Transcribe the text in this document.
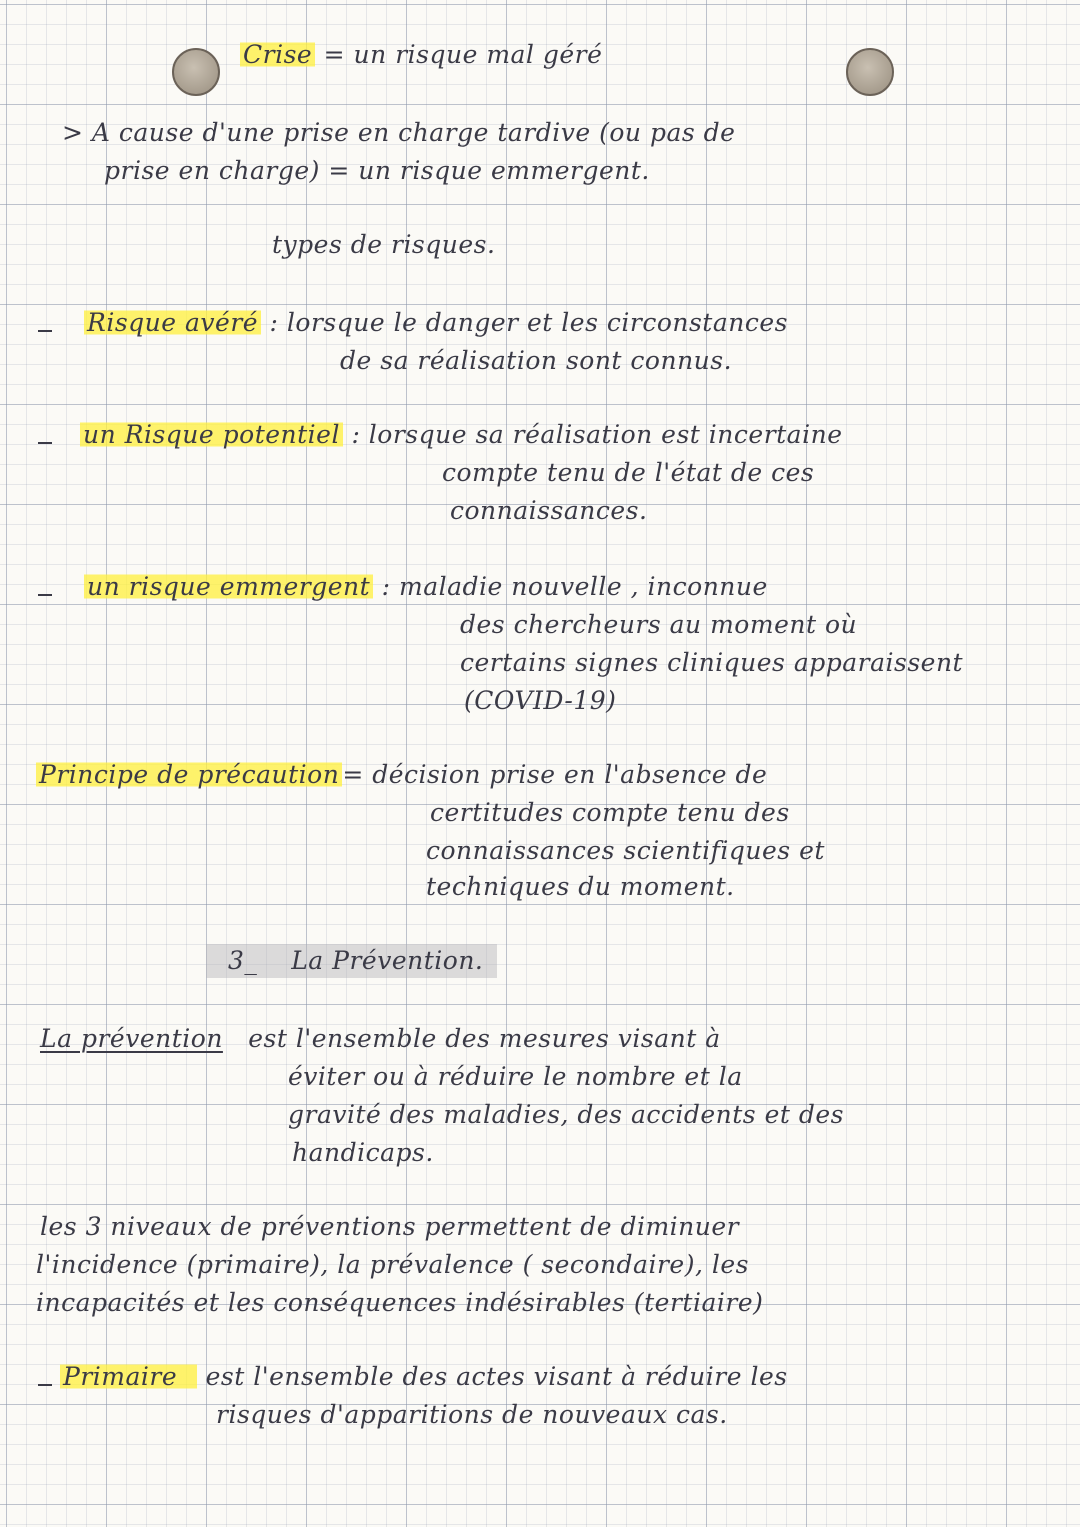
Crise = un risque mal géré
> A cause d'une prise en charge tardive (ou pas de
prise en charge) = un risque emmergent.
types de risques.
Risque avéré : lorsque le danger et les circonstances
de sa réalisation sont connus.
un Risque potentiel : lorsque sa réalisation est incertaine
compte tenu de l'état de ces
connaissances.
un risque emmergent : maladie nouvelle , inconnue
des chercheurs au moment où
certains signes cliniques apparaissent
(COVID-19)
Principe de précaution = décision prise en l'absence de
certitudes compte tenu des
connaissances scientifiques et
techniques du moment.
3_ La Prévention.
La prévention est l'ensemble des mesures visant à
éviter ou à réduire le nombre et la
gravité des maladies, des accidents et des
handicaps.
les 3 niveaux de préventions permettent de diminuer
l'incidence (primaire), la prévalence ( secondaire), les
incapacités et les conséquences indésirables (tertiaire)
Primaire est l'ensemble des actes visant à réduire les
risques d'apparitions de nouveaux cas.
